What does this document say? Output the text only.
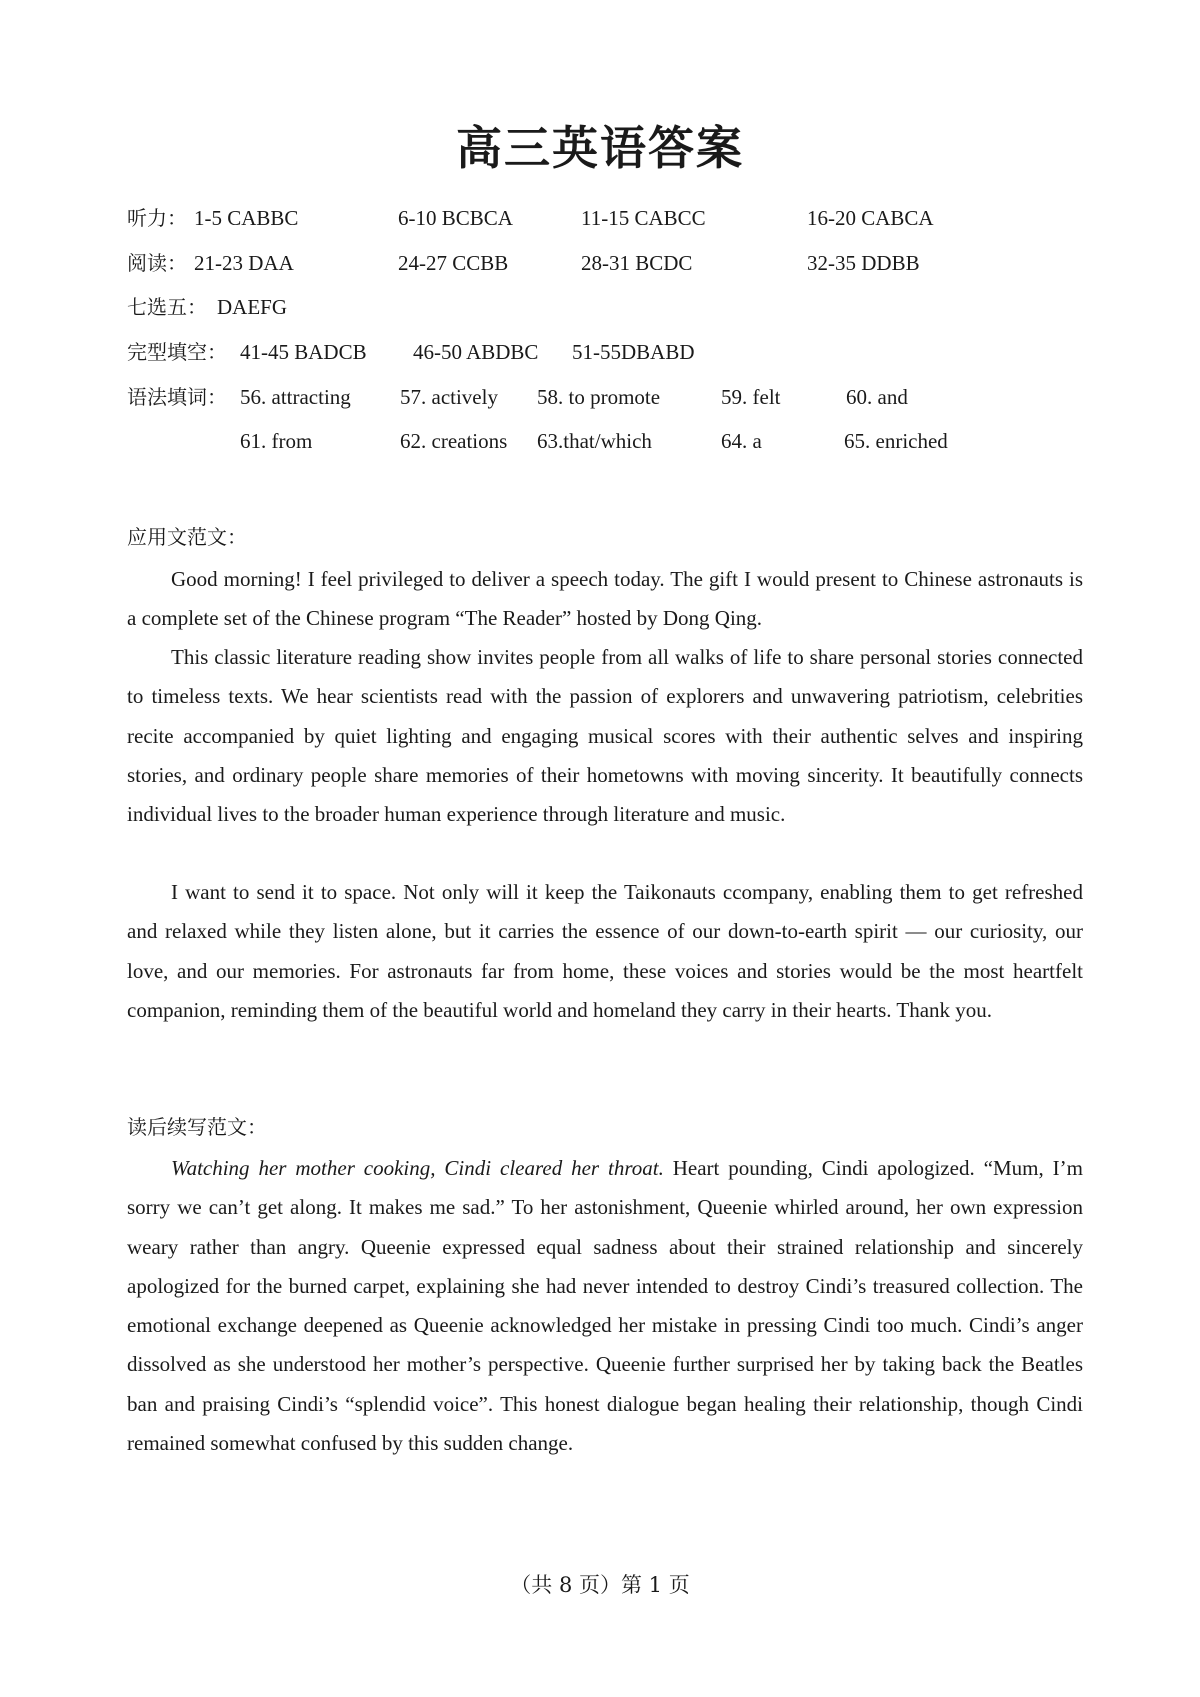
高三英语答案
听力： 1-5 CABBC	6-10 BCBCA	11-15 CABCC	16-20 CABCA
阅读： 21-23 DAA	24-27 CCBB	28-31 BCDC	32-35 DDBB
七选五： DAEFG
完型填空： 41-45 BADCB 46-50 ABDBC 51-55DBABD
语法填词： 56. attracting 57. actively 58. to promote	59. felt	60. and
61. from	62. creations 63.that/which	64. a	65. enriched
应用文范文：

Good morning! I feel privileged to deliver a speech today. The gift I would present to Chinese astronauts is a complete set of the Chinese program “The Reader” hosted by Dong Qing.

This classic literature reading show invites people from all walks of life to share personal stories connected to timeless texts. We hear scientists read with the passion of explorers and unwavering patriotism, celebrities recite accompanied by quiet lighting and engaging musical scores with their authentic selves and inspiring stories, and ordinary people share memories of their hometowns with moving sincerity. It beautifully connects individual lives to the broader human experience through literature and music.

I want to send it to space. Not only will it keep the Taikonauts ccompany, enabling them to get refreshed and relaxed while they listen alone, but it carries the essence of our down-to-earth spirit — our curiosity, our love, and our memories. For astronauts far from home, these voices and stories would be the most heartfelt companion, reminding them of the beautiful world and homeland they carry in their hearts. Thank you.

读后续写范文：

Watching her mother cooking, Cindi cleared her throat. Heart pounding, Cindi apologized. “Mum, I’m sorry we can’t get along. It makes me sad.” To her astonishment, Queenie whirled around, her own expression weary rather than angry. Queenie expressed equal sadness about their strained relationship and sincerely apologized for the burned carpet, explaining she had never intended to destroy Cindi’s treasured collection. The emotional exchange deepened as Queenie acknowledged her mistake in pressing Cindi too much. Cindi’s anger dissolved as she understood her mother’s perspective. Queenie further surprised her by taking back the Beatles ban and praising Cindi’s “splendid voice”. This honest dialogue began healing their relationship, though Cindi remained somewhat confused by this sudden change.

（共 8 页）第 1 页
